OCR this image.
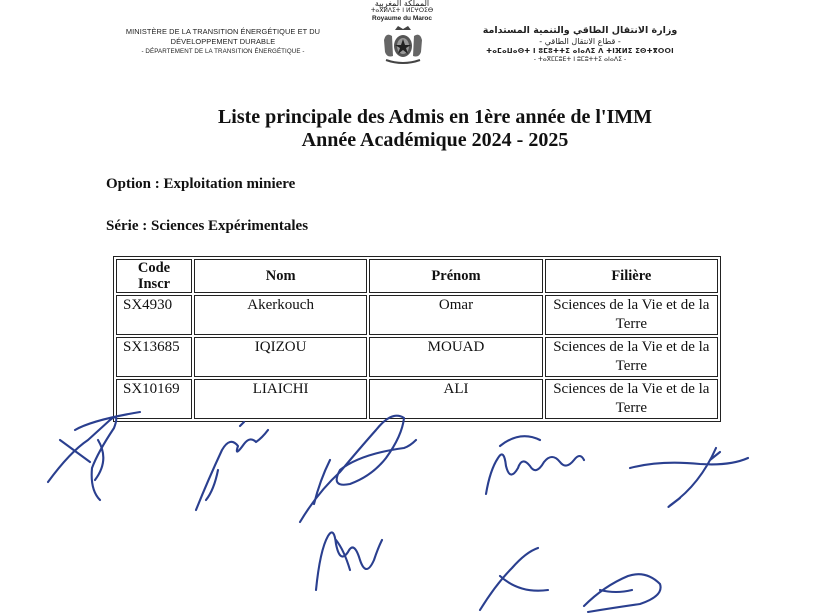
MINISTÈRE DE LA TRANSITION ÉNERGÉTIQUE ET DU
DÉVELOPPEMENT DURABLE
- DÉPARTEMENT DE LA TRANSITION ÉNERGÉTIQUE -
المملكة المغربية
ⵜⴰⴳⵍⴷⵉⵜ ⵏ ⵍⵎⵖⵔⵉⴱ
Royaume du Maroc
وزارة الانتقال الطاقي والتنمية المستدامة
- قطاع الانتقال الطاقي -
ⵜⴰⵎⴰⵡⴰⵙⵜ ⵏ ⵓⵎⵓⵜⵜⵉ ⴰⵏⴰⴷⵉ ⴷ ⵜⵏⴼⵍⵉ ⵉⵙⵜⴳⵔⵔⵏ
- ⵜⴰⴳⵎⵎⵓⴹⵜ ⵏ ⵓⵎⵓⵜⵜⵉ ⴰⵏⴰⴷⵉ -
Liste principale des Admis en 1ère année de l'IMM
Année Académique 2024 - 2025
Option : Exploitation miniere
Série : Sciences Expérimentales
Code Inscr	Nom	Prénom	Filière
SX4930	Akerkouch	Omar	Sciences de la Vie et de la Terre
SX13685	IQIZOU	MOUAD	Sciences de la Vie et de la Terre
SX10169	LIAICHI	ALI	Sciences de la Vie et de la Terre
